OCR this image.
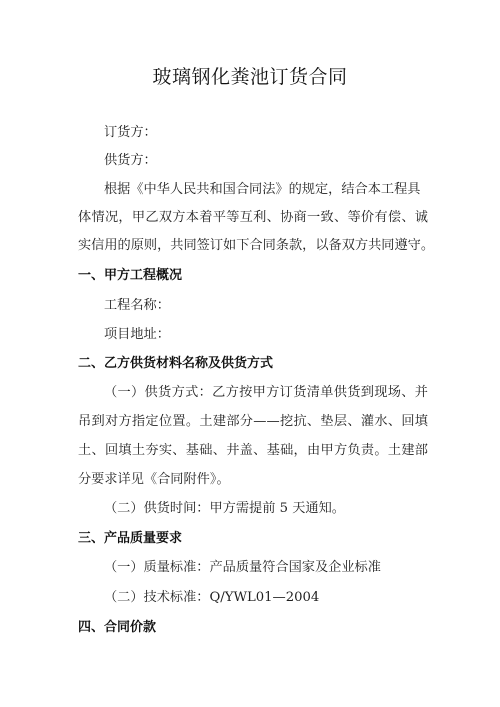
玻璃钢化粪池订货合同
订货方：
供货方：
根据《中华人民共和国合同法》的规定，结合本工程具
体情况，甲乙双方本着平等互利、协商一致、等价有偿、诚
实信用的原则，共同签订如下合同条款，以备双方共同遵守。
一、甲方工程概况
工程名称：
项目地址：
二、乙方供货材料名称及供货方式
（一）供货方式：乙方按甲方订货清单供货到现场、并
吊到对方指定位置。土建部分——挖抗、垫层、灌水、回填
土、回填土夯实、基础、井盖、基础，由甲方负责。土建部
分要求详见《合同附件》。
（二）供货时间：甲方需提前 5 天通知。
三、产品质量要求
（一）质量标准：产品质量符合国家及企业标准
（二）技术标准：Q/YWL01—2004
四、合同价款
